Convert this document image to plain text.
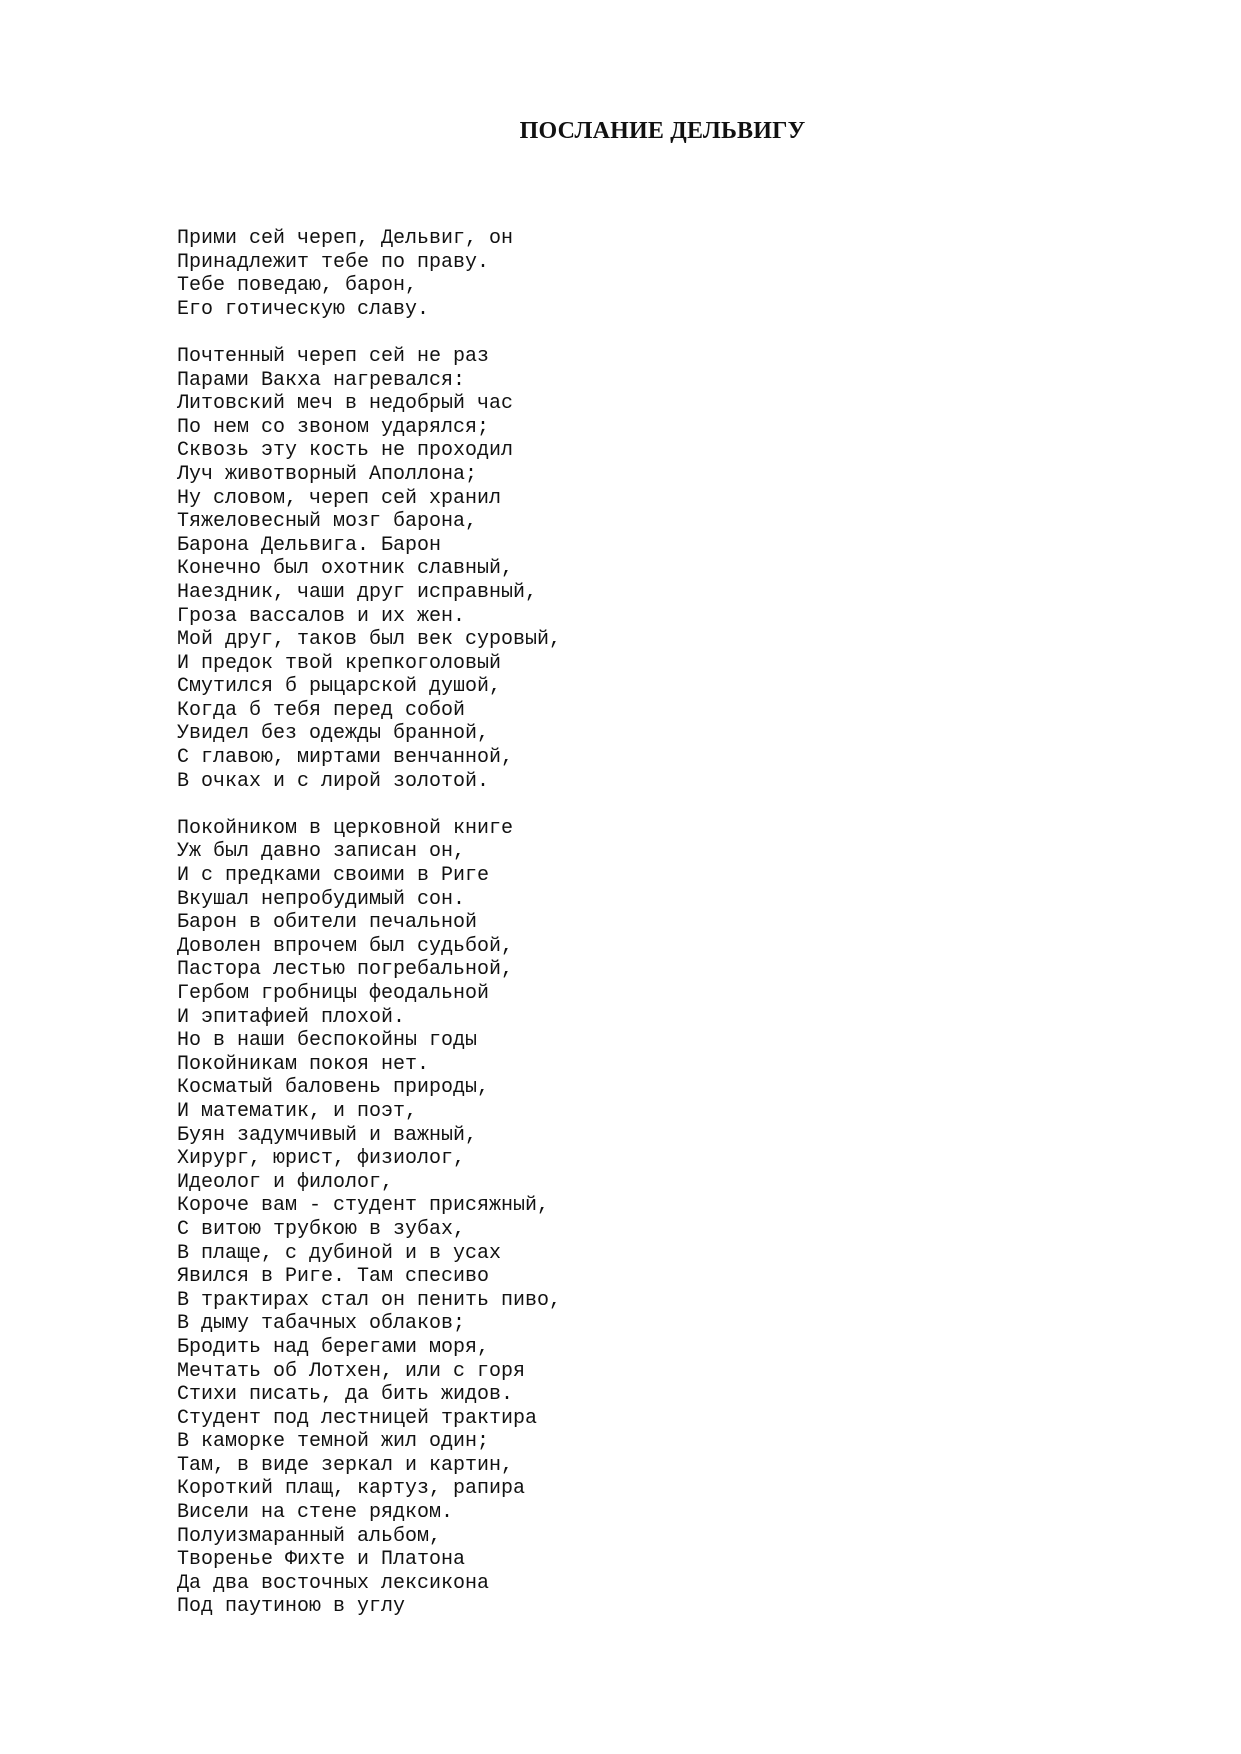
ПОСЛАНИЕ ДЕЛЬВИГУ
Прими сей череп, Дельвиг, он
Принадлежит тебе по праву.
Тебе поведаю, барон,
Его готическую славу.
Почтенный череп сей не раз
Парами Вакха нагревался:
Литовский меч в недобрый час
По нем со звоном ударялся;
Сквозь эту кость не проходил
Луч животворный Аполлона;
Ну словом, череп сей хранил
Тяжеловесный мозг барона,
Барона Дельвига. Барон
Конечно был охотник славный,
Наездник, чаши друг исправный,
Гроза вассалов и их жен.
Мой друг, таков был век суровый,
И предок твой крепкоголовый
Смутился б рыцарской душой,
Когда б тебя перед собой
Увидел без одежды бранной,
С главою, миртами венчанной,
В очках и с лирой золотой.
Покойником в церковной книге
Уж был давно записан он,
И с предками своими в Риге
Вкушал непробудимый сон.
Барон в обители печальной
Доволен впрочем был судьбой,
Пастора лестью погребальной,
Гербом гробницы феодальной
И эпитафией плохой.
Но в наши беспокойны годы
Покойникам покоя нет.
Косматый баловень природы,
И математик, и поэт,
Буян задумчивый и важный,
Хирург, юрист, физиолог,
Идеолог и филолог,
Короче вам - студент присяжный,
С витою трубкою в зубах,
В плаще, с дубиной и в усах
Явился в Риге. Там спесиво
В трактирах стал он пенить пиво,
В дыму табачных облаков;
Бродить над берегами моря,
Мечтать об Лотхен, или с горя
Стихи писать, да бить жидов.
Студент под лестницей трактира
В каморке темной жил один;
Там, в виде зеркал и картин,
Короткий плащ, картуз, рапира
Висели на стене рядком.
Полуизмаранный альбом,
Творенье Фихте и Платона
Да два восточных лексикона
Под паутиною в углу
